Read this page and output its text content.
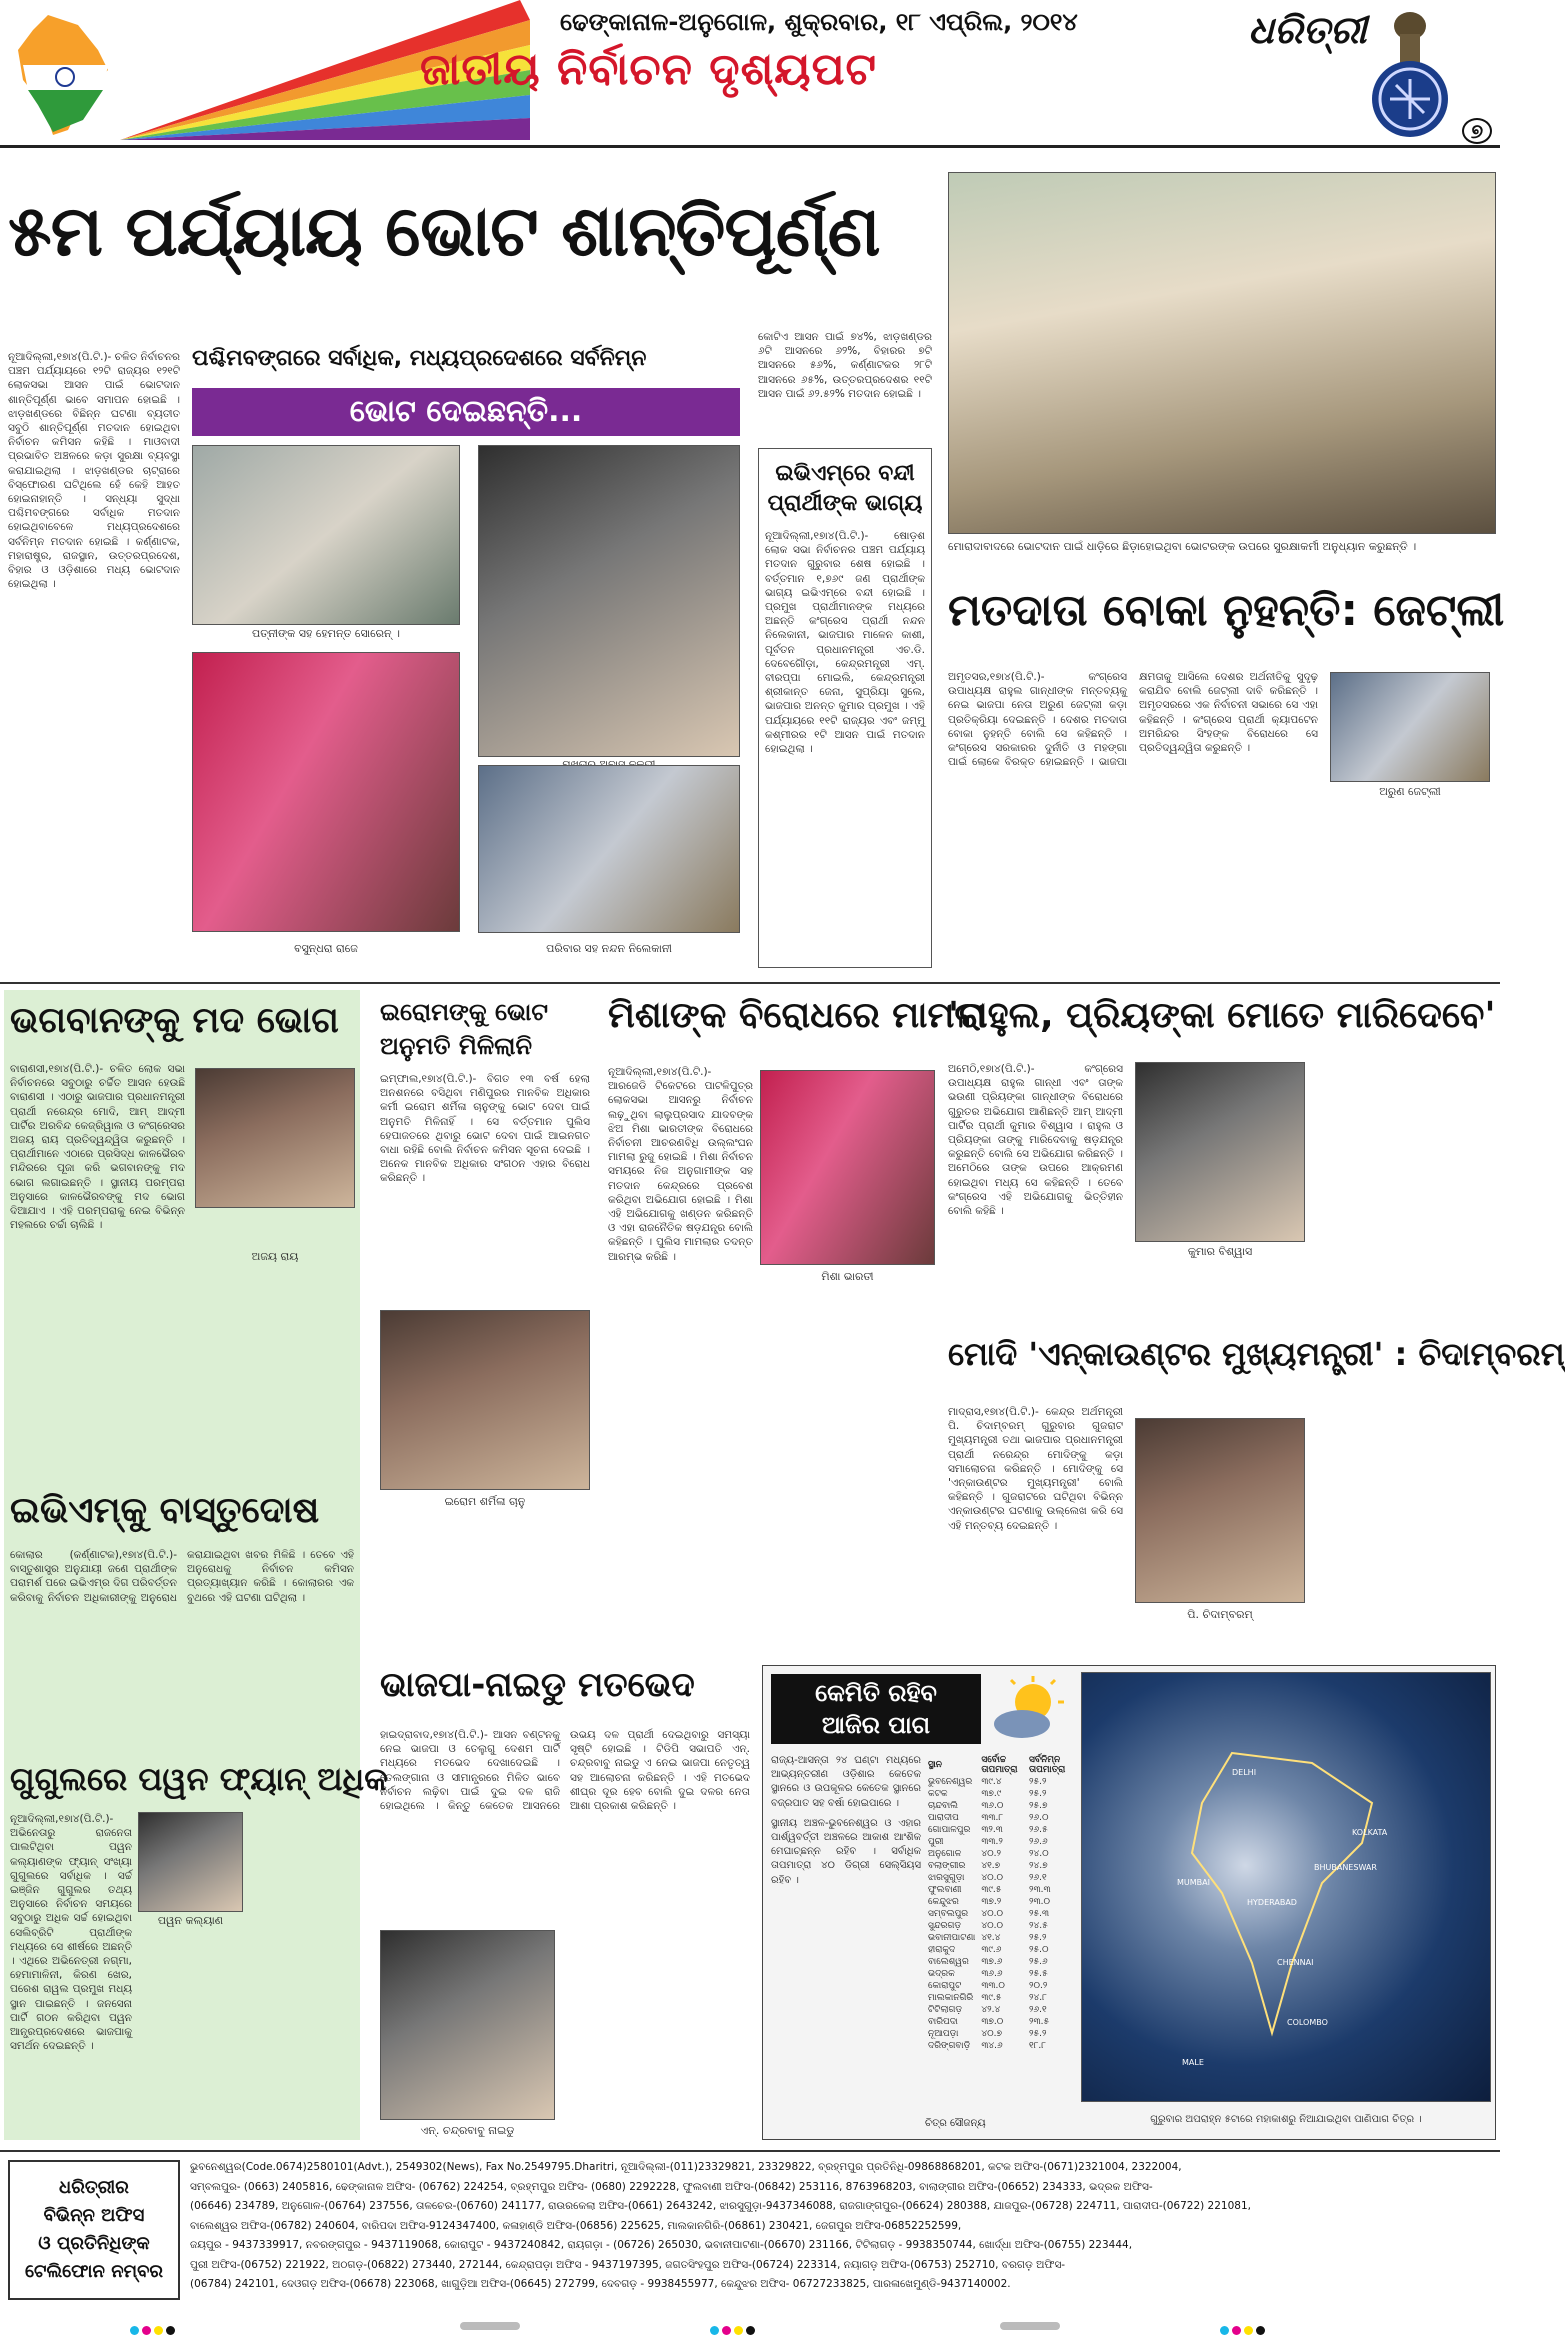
ଢେଙ୍କାନାଳ-ଅନୁଗୋଳ, ଶୁକ୍ରବାର, ୧୮ ଏପ୍ରିଲ, ୨୦୧୪
ଜାତୀୟ ନିର୍ବାଚନ ଦୃଶ୍ୟପଟ
ଧରିତ୍ରୀ
୭
୫ମ ପର୍ଯ୍ୟାୟ ଭୋଟ ଶାନ୍ତିପୂର୍ଣ୍ଣ
ନୂଆଦିଲ୍ଲୀ,୧୭ା୪(ପି.ଟି.)- ଚଳିତ ନିର୍ବାଚନର ପଞ୍ଚମ ପର୍ଯ୍ୟାୟରେ ୧୨ଟି ରାଜ୍ୟର ୧୨୧ଟି ଲୋକସଭା ଆସନ ପାଇଁ ଭୋଟଦାନ ଶାନ୍ତିପୂର୍ଣ୍ଣ ଭାବେ ସମାପନ ହୋଇଛି । ଝାଡ଼ଖଣ୍ଡରେ ବିଛିନ୍ନ ଘଟଣା ବ୍ୟତୀତ ସବୁଠି ଶାନ୍ତିପୂର୍ଣ୍ଣ ମତଦାନ ହୋଇଥିବା ନିର୍ବାଚନ କମିସନ କହିଛି । ମାଓବାଦୀ ପ୍ରଭାବିତ ଅଞ୍ଚଳରେ କଡ଼ା ସୁରକ୍ଷା ବ୍ୟବସ୍ଥା କରାଯାଇଥିଲା । ଝାଡ଼ଖଣ୍ଡର ଚାଟ୍ରାରେ ବିସ୍ଫୋରଣ ଘଟିଥିଲେ ହେଁ କେହି ଆହତ ହୋଇନାହାନ୍ତି । ସନ୍ଧ୍ୟା ସୁଦ୍ଧା ପଶ୍ଚିମବଙ୍ଗରେ ସର୍ବାଧିକ ମତଦାନ ହୋଇଥିବାବେଳେ ମଧ୍ୟପ୍ରଦେଶରେ ସର୍ବନିମ୍ନ ମତଦାନ ହୋଇଛି । କର୍ଣ୍ଣାଟକ, ମହାରାଷ୍ଟ୍ର, ରାଜସ୍ଥାନ, ଉତ୍ତରପ୍ରଦେଶ, ବିହାର ଓ ଓଡ଼ିଶାରେ ମଧ୍ୟ ଭୋଟଦାନ ହୋଇଥିଲା ।
ପଶ୍ଚିମବଙ୍ଗରେ ସର୍ବାଧିକ, ମଧ୍ୟପ୍ରଦେଶରେ ସର୍ବନିମ୍ନ
ଭୋଟ ଦେଇଛନ୍ତି...
କୋଟିଏ ଆସନ ପାଇଁ ୭୪%, ଝାଡ଼ଖଣ୍ଡର ୬ଟି ଆସନରେ ୬୨%, ବିହାରର ୭ଟି ଆସନରେ ୫୬%, କର୍ଣ୍ଣାଟକର ୨୮ଟି ଆସନରେ ୬୫%, ଉତ୍ତରପ୍ରଦେଶର ୧୧ଟି ଆସନ ପାଇଁ ୬୨.୫୨% ମତଦାନ ହୋଇଛି ।
ପତ୍ନୀଙ୍କ ସହ ହେମନ୍ତ ସୋରେନ୍ ।
ବସୁନ୍ଧରା ରାଜେ	ପରିବାର ସହ ନନ୍ଦନ ନିଲେକାନୀ
ଇଭିଏମ୍‌ରେ ବନ୍ଦୀ ପ୍ରାର୍ଥୀଙ୍କ ଭାଗ୍ୟ
ନୂଆଦିଲ୍ଲୀ,୧୭ା୪(ପି.ଟି.)- ଷୋଡ଼ଶ ଲୋକ ସଭା ନିର୍ବାଚନର ପଞ୍ଚମ ପର୍ଯ୍ୟାୟ ମତଦାନ ଗୁରୁବାର ଶେଷ ହୋଇଛି । ବର୍ତ୍ତମାନ ୧,୭୬୯ ଜଣ ପ୍ରାର୍ଥୀଙ୍କ ଭାଗ୍ୟ ଇଭିଏମ୍‌ରେ ବନ୍ଦୀ ହୋଇଛି । ପ୍ରମୁଖ ପ୍ରାର୍ଥୀମାନଙ୍କ ମଧ୍ୟରେ ଅଛନ୍ତି କଂଗ୍ରେସ ପ୍ରାର୍ଥୀ ନନ୍ଦନ ନିଲେକାନୀ, ଭାଜପାର ମାଳେନ କାଶୀ, ପୂର୍ବତନ ପ୍ରଧାନମନ୍ତ୍ରୀ ଏଚ.ଡି. ଦେବେଗୌଡ଼ା, କେନ୍ଦ୍ରମନ୍ତ୍ରୀ ଏମ୍. ବୀରପ୍ପା ମୋଇଲି, କେନ୍ଦ୍ରମନ୍ତ୍ରୀ ଶ୍ରୀକାନ୍ତ ଜେନା, ସୁପ୍ରିୟା ସୁଲେ, ଭାଜପାର ଅନନ୍ତ କୁମାର ପ୍ରମୁଖ । ଏହି ପର୍ଯ୍ୟାୟରେ ୧୧ଟି ରାଜ୍ୟର ଏବଂ ଜମ୍ମୁ କଶ୍ମୀରର ୧ଟି ଆସନ ପାଇଁ ମତଦାନ ହୋଇଥିଲା ।
ମୋରାଦାବାଦରେ ଭୋଟଦାନ ପାଇଁ ଧାଡ଼ିରେ ଛିଡ଼ାହୋଇଥିବା ଭୋଟରଙ୍କ ଉପରେ ସୁରକ୍ଷାକର୍ମୀ ଅନୁଧ୍ୟାନ କରୁଛନ୍ତି ।
ମତଦାତା ବୋକା ନୁହନ୍ତି: ଜେଟ୍‌ଲୀ
ଅମୃତସର,୧୭ା୪(ପି.ଟି.)- କଂଗ୍ରେସ ଉପାଧ୍ୟକ୍ଷ ରାହୁଲ ଗାନ୍ଧୀଙ୍କ ମନ୍ତବ୍ୟକୁ ନେଇ ଭାଜପା ନେତା ଅରୁଣ ଜେଟ୍‌ଲୀ କଡ଼ା ପ୍ରତିକ୍ରିୟା ଦେଇଛନ୍ତି । ଦେଶର ମତଦାତା ବୋକା ନୁହନ୍ତି ବୋଲି ସେ କହିଛନ୍ତି । କଂଗ୍ରେସ ସରକାରର ଦୁର୍ନୀତି ଓ ମହଙ୍ଗା ପାଇଁ ଲୋକେ ବିରକ୍ତ ହୋଇଛନ୍ତି । ଭାଜପା କ୍ଷମତାକୁ ଆସିଲେ ଦେଶର ଅର୍ଥନୀତିକୁ ସୁଦୃଢ଼ କରାଯିବ ବୋଲି ଜେଟ୍‌ଲୀ ଦାବି କରିଛନ୍ତି । ଅମୃତସରରେ ଏକ ନିର୍ବାଚନୀ ସଭାରେ ସେ ଏହା କହିଛନ୍ତି । କଂଗ୍ରେସ ପ୍ରାର୍ଥୀ କ୍ୟାପଟେନ ଅମରିନ୍ଦର ସିଂହଙ୍କ ବିରୋଧରେ ସେ ପ୍ରତିଦ୍ୱନ୍ଦ୍ୱିତା କରୁଛନ୍ତି ।
ଅରୁଣ ଜେଟ୍‌ଲୀ
ଭଗବାନଙ୍କୁ ମଦ ଭୋଗ
ବାରାଣସୀ,୧୭ା୪(ପି.ଟି.)- ଚଳିତ ଲୋକ ସଭା ନିର୍ବାଚନରେ ସବୁଠାରୁ ଚର୍ଚ୍ଚିତ ଆସନ ହେଉଛି ବାରାଣସୀ । ଏଠାରୁ ଭାଜପାର ପ୍ରଧାନମନ୍ତ୍ରୀ ପ୍ରାର୍ଥୀ ନରେନ୍ଦ୍ର ମୋଦି, ଆମ୍ ଆଦ୍ମୀ ପାର୍ଟିର ଅରବିନ୍ଦ କେଜ୍ରିୱାଲ ଓ କଂଗ୍ରେସର ଅଜୟ ରାୟ ପ୍ରତିଦ୍ୱନ୍ଦ୍ୱିତା କରୁଛନ୍ତି । ପ୍ରାର୍ଥୀମାନେ ଏଠାରେ ପ୍ରସିଦ୍ଧ କାଳଭୈରବ ମନ୍ଦିରରେ ପୂଜା କରି ଭଗବାନଙ୍କୁ ମଦ ଭୋଗ ଲଗାଇଛନ୍ତି । ସ୍ଥାନୀୟ ପରମ୍ପରା ଅନୁସାରେ କାଳଭୈରବଙ୍କୁ ମଦ ଭୋଗ ଦିଆଯାଏ । ଏହି ପରମ୍ପରାକୁ ନେଇ ବିଭିନ୍ନ ମହଲରେ ଚର୍ଚ୍ଚା ଚାଲିଛି ।
ଅଜୟ ରାୟ
ଇଭିଏମ୍‌କୁ ବାସ୍ତୁଦୋଷ
କୋଲାର (କର୍ଣ୍ଣାଟକ),୧୭ା୪(ପି.ଟି.)- ବାସ୍ତୁଶାସ୍ତ୍ର ଅନୁଯାୟୀ ଜଣେ ପ୍ରାର୍ଥୀଙ୍କ ପରାମର୍ଶ ପରେ ଇଭିଏମ୍‌ର ଦିଗ ପରିବର୍ତ୍ତନ କରିବାକୁ ନିର୍ବାଚନ ଅଧିକାରୀଙ୍କୁ ଅନୁରୋଧ କରାଯାଇଥିବା ଖବର ମିଳିଛି । ତେବେ ଏହି ଅନୁରୋଧକୁ ନିର୍ବାଚନ କମିସନ ପ୍ରତ୍ୟାଖ୍ୟାନ କରିଛି । କୋଲାରର ଏକ ବୁଥରେ ଏହି ଘଟଣା ଘଟିଥିଲା ।
ଗୁଗୁଲରେ ପୱନ ଫ୍ୟାନ୍ ଅଧିକ
ପୱନ କଲ୍ୟାଣ
ନୂଆଦିଲ୍ଲୀ,୧୭ା୪(ପି.ଟି.)- ଅଭିନେତାରୁ ରାଜନେତା ପାଲଟିଥିବା ପୱନ କଲ୍ୟାଣଙ୍କ ଫ୍ୟାନ୍ ସଂଖ୍ୟା ଗୁଗୁଲରେ ସର୍ବାଧିକ । ସର୍ଚ୍ଚ ଇଞ୍ଜିନ ଗୁଗୁଲର ତଥ୍ୟ ଅନୁସାରେ ନିର୍ବାଚନ ସମୟରେ ସବୁଠାରୁ ଅଧିକ ସର୍ଚ୍ଚ ହୋଇଥିବା ସେଲିବ୍ରିଟି ପ୍ରାର୍ଥୀଙ୍କ ମଧ୍ୟରେ ସେ ଶୀର୍ଷରେ ଅଛନ୍ତି । ଏଥିରେ ଅଭିନେତ୍ରୀ ନଗ୍ମା, ହେମାମାଳିନୀ, କିରଣ ଖେର, ପରେଶ ରାୱଲ ପ୍ରମୁଖ ମଧ୍ୟ ସ୍ଥାନ ପାଇଛନ୍ତି । ଜନସେନା ପାର୍ଟି ଗଠନ କରିଥିବା ପୱନ ଆନ୍ଧ୍ରପ୍ରଦେଶରେ ଭାଜପାକୁ ସମର୍ଥନ ଦେଇଛନ୍ତି ।
ଇରୋମଙ୍କୁ ଭୋଟ ଅନୁମତି ମିଳିଲାନି
ଇମ୍ଫାଲ,୧୭ା୪(ପି.ଟି.)- ବିଗତ ୧୩ ବର୍ଷ ହେଲା ଅନଶନରେ ବସିଥିବା ମଣିପୁରର ମାନବିକ ଅଧିକାର କର୍ମୀ ଇରୋମ ଶର୍ମିଳା ଚାନୁଙ୍କୁ ଭୋଟ ଦେବା ପାଇଁ ଅନୁମତି ମିଳିନାହିଁ । ସେ ବର୍ତ୍ତମାନ ପୁଲିସ ହେପାଜତରେ ଥିବାରୁ ଭୋଟ ଦେବା ପାଇଁ ଆଇନଗତ ବାଧା ରହିଛି ବୋଲି ନିର୍ବାଚନ କମିସନ ସୂଚନା ଦେଇଛି । ଅନେକ ମାନବିକ ଅଧିକାର ସଂଗଠନ ଏହାର ବିରୋଧ କରିଛନ୍ତି ।
ଇରୋମ ଶର୍ମିଳା ଚାନୁ
ମିଶାଙ୍କ ବିରୋଧରେ ମାମଲା
ନୂଆଦିଲ୍ଲୀ,୧୭ା୪(ପି.ଟି.)- ଆରଜେଡି ଟିକେଟରେ ପାଟଳିପୁତ୍ର ଲୋକସଭା ଆସନରୁ ନିର୍ବାଚନ ଲଢ଼ୁଥିବା ଲାଲୁପ୍ରସାଦ ଯାଦବଙ୍କ ଝିଅ ମିଶା ଭାରତୀଙ୍କ ବିରୋଧରେ ନିର୍ବାଚନୀ ଆଚରଣବିଧି ଉଲ୍ଲଂଘନ ମାମଲା ରୁଜୁ ହୋଇଛି । ମିଶା ନିର୍ବାଚନ ସମୟରେ ନିଜ ଅନୁଗାମୀଙ୍କ ସହ ମତଦାନ କେନ୍ଦ୍ରରେ ପ୍ରବେଶ କରିଥିବା ଅଭିଯୋଗ ହୋଇଛି । ମିଶା ଏହି ଅଭିଯୋଗକୁ ଖଣ୍ଡନ କରିଛନ୍ତି ଓ ଏହା ରାଜନୈତିକ ଷଡ଼ଯନ୍ତ୍ର ବୋଲି କହିଛନ୍ତି । ପୁଲିସ ମାମଲାର ତଦନ୍ତ ଆରମ୍ଭ କରିଛି ।
ମିଶା ଭାରତୀ
'ରାହୁଲ, ପ୍ରିୟଙ୍କା ମୋତେ ମାରିଦେବେ'
ଅମେଠି,୧୭ା୪(ପି.ଟି.)- କଂଗ୍ରେସ ଉପାଧ୍ୟକ୍ଷ ରାହୁଲ ଗାନ୍ଧୀ ଏବଂ ତାଙ୍କ ଭଉଣୀ ପ୍ରିୟଙ୍କା ଗାନ୍ଧୀଙ୍କ ବିରୋଧରେ ଗୁରୁତର ଅଭିଯୋଗ ଆଣିଛନ୍ତି ଆମ୍ ଆଦ୍ମୀ ପାର୍ଟିର ପ୍ରାର୍ଥୀ କୁମାର ବିଶ୍ୱାସ । ରାହୁଲ ଓ ପ୍ରିୟଙ୍କା ତାଙ୍କୁ ମାରିଦେବାକୁ ଷଡ଼ଯନ୍ତ୍ର କରୁଛନ୍ତି ବୋଲି ସେ ଅଭିଯୋଗ କରିଛନ୍ତି । ଅମେଠିରେ ତାଙ୍କ ଉପରେ ଆକ୍ରମଣ ହୋଇଥିବା ମଧ୍ୟ ସେ କହିଛନ୍ତି । ତେବେ କଂଗ୍ରେସ ଏହି ଅଭିଯୋଗକୁ ଭିତ୍ତିହୀନ ବୋଲି କହିଛି ।
କୁମାର ବିଶ୍ୱାସ
ମୋଦି 'ଏନ୍‌କାଉଣ୍ଟର ମୁଖ୍ୟମନ୍ତ୍ରୀ' : ଚିଦାମ୍ବରମ୍
ମାଦ୍ରାସ,୧୭ା୪(ପି.ଟି.)- କେନ୍ଦ୍ର ଅର୍ଥମନ୍ତ୍ରୀ ପି. ଚିଦାମ୍ବରମ୍ ଗୁରୁବାର ଗୁଜରାଟ ମୁଖ୍ୟମନ୍ତ୍ରୀ ତଥା ଭାଜପାର ପ୍ରଧାନମନ୍ତ୍ରୀ ପ୍ରାର୍ଥୀ ନରେନ୍ଦ୍ର ମୋଦିଙ୍କୁ କଡ଼ା ସମାଲୋଚନା କରିଛନ୍ତି । ମୋଦିଙ୍କୁ ସେ 'ଏନ୍‌କାଉଣ୍ଟର ମୁଖ୍ୟମନ୍ତ୍ରୀ' ବୋଲି କହିଛନ୍ତି । ଗୁଜରାଟରେ ଘଟିଥିବା ବିଭିନ୍ନ ଏନ୍‌କାଉଣ୍ଟର ଘଟଣାକୁ ଉଲ୍ଲେଖ କରି ସେ ଏହି ମନ୍ତବ୍ୟ ଦେଇଛନ୍ତି ।
ପି. ଚିଦାମ୍ବରମ୍
ଭାଜପା-ନାଇଡୁ ମତଭେଦ
ହାଇଦ୍ରାବାଦ,୧୭ା୪(ପି.ଟି.)- ଆସନ ବଣ୍ଟନକୁ ନେଇ ଭାଜପା ଓ ତେଲୁଗୁ ଦେଶମ ପାର୍ଟି ମଧ୍ୟରେ ମତଭେଦ ଦେଖାଦେଇଛି । ତେଲଙ୍ଗାନା ଓ ସୀମାନ୍ଧ୍ରରେ ମିଳିତ ଭାବେ ନିର୍ବାଚନ ଲଢ଼ିବା ପାଇଁ ଦୁଇ ଦଳ ରାଜି ହୋଇଥିଲେ । କିନ୍ତୁ କେତେକ ଆସନରେ ଉଭୟ ଦଳ ପ୍ରାର୍ଥୀ ଦେଇଥିବାରୁ ସମସ୍ୟା ସୃଷ୍ଟି ହୋଇଛି । ଟିଡିପି ସଭାପତି ଏନ୍. ଚନ୍ଦ୍ରବାବୁ ନାଇଡୁ ଏ ନେଇ ଭାଜପା ନେତୃତ୍ୱ ସହ ଆଲୋଚନା କରିଛନ୍ତି । ଏହି ମତଭେଦ ଶୀଘ୍ର ଦୂର ହେବ ବୋଲି ଦୁଇ ଦଳର ନେତା ଆଶା ପ୍ରକାଶ କରିଛନ୍ତି ।
ଏନ୍. ଚନ୍ଦ୍ରବାବୁ ନାଇଡୁ
କେମିତି ରହିବ
ଆଜିର ପାଗ
ରାଜ୍ୟ-ଆସନ୍ତା ୨୪ ଘଣ୍ଟା ମଧ୍ୟରେ ଆଭ୍ୟନ୍ତରୀଣ ଓଡ଼ିଶାର କେତେକ ସ୍ଥାନରେ ଓ ଉପକୂଳର କେତେକ ସ୍ଥାନରେ ବଜ୍ରପାତ ସହ ବର୍ଷା ହୋଇପାରେ ।
ସ୍ଥାନୀୟ ଅଞ୍ଚଳ-ଭୁବନେଶ୍ୱର ଓ ଏହାର ପାର୍ଶ୍ୱବର୍ତ୍ତୀ ଅଞ୍ଚଳରେ ଆକାଶ ଆଂଶିକ ମେଘାଚ୍ଛନ୍ନ ରହିବ । ସର୍ବାଧିକ ତାପମାତ୍ରା ୪୦ ଡିଗ୍ରୀ ସେଲ୍‌ସିୟସ ରହିବ ।
ସ୍ଥାନ	ସର୍ବୋଚ୍ଚ ତାପମାତ୍ରା	ସର୍ବନିମ୍ନ ତାପମାତ୍ରା
ଭୁବନେଶ୍ୱର	୩୯.୪	୨୫.୨
କଟକ	୩୭.୯	୨୫.୨
ଚାନ୍ଦବାଲି	୩୬.୦	୨୫.୭
ପାରାଦୀପ	୩୩.୮	୨୬.୦
ଗୋପାଳପୁର	୩୨.୩	୨୬.୫
ପୁରୀ	୩୩.୨	୨୬.୬
ଅନୁଗୋଳ	୪୦.୨	୨୪.୦
ବଲାଙ୍ଗୀର	୪୧.୭	୨୪.୭
ଝାରସୁଗୁଡ଼ା	୪୦.୦	୨୬.୧
ଫୁଲବାଣୀ	୩୯.୫	୨୩.୩
କେନ୍ଦୁଝର	୩୭.୨	୨୩.୦
ସମ୍ବଲପୁର	୪୦.୦	୨୫.୩
ସୁନ୍ଦରଗଡ଼	୪୦.୦	୨୪.୫
ଭବାନୀପାଟଣା	୪୧.୪	୨୫.୨
ହୀରାକୁଦ	୩୯.୬	୨୫.୦
ବାଲେଶ୍ୱର	୩୭.୬	୨୫.୬
ଭଦ୍ରକ	୩୬.୬	୨୫.୫
କୋରାପୁଟ	୩୩.୦	୨୦.୨
ମାଲକାନଗିରି	୩୯.୫	୨୪.୮
ଟିଟିଲାଗଡ଼	୪୨.୪	୨୬.୧
ବାରିପଦା	୩୭.୦	୨୩.୫
ନୂଆପଡ଼ା	୪୦.୭	୨୫.୨
ଦରିଙ୍ଗବାଡ଼ି	୩୪.୬	୧୮.୮
ଚିତ୍ର ସୌଜନ୍ୟ
DELHI
KOLKATA
BHUBANESWAR
MUMBAI
HYDERABAD
CHENNAI
COLOMBO
MALE
ଗୁରୁବାର ଅପରାହ୍ନ ୫ଟାରେ ମହାକାଶରୁ ନିଆଯାଇଥିବା ପାଣିପାଗ ଚିତ୍ର ।
ଧରିତ୍ରୀର
ବିଭିନ୍ନ ଅଫିସ
ଓ ପ୍ରତିନିଧିଙ୍କ
ଟେଲିଫୋନ ନମ୍ବର
ଭୁବନେଶ୍ୱର(Code.0674)2580101(Advt.), 2549302(News), Fax No.2549795.Dharitri, ନୂଆଦିଲ୍ଲୀ-(011)23329821, 23329822, ବ୍ରହ୍ମପୁର ପ୍ରତିନିଧି-09868868201, କଟକ ଅଫିସ-(0671)2321004, 2322004,
ସମ୍ବଲପୁର- (0663) 2405816, ଢେଙ୍କାନାଳ ଅଫିସ- (06762) 224254, ବ୍ରହ୍ମପୁର ଅଫିସ- (0680) 2292228, ଫୁଲବାଣୀ ଅଫିସ-(06842) 253116, 8763968203, ବାଲାଙ୍ଗୀର ଅଫିସ-(06652) 234333, ଭଦ୍ରକ ଅଫିସ-
(06646) 234789, ଅନୁଗୋଳ-(06764) 237556, ତାଳଚେର-(06760) 241177, ରାଉରକେଲା ଅଫିସ-(0661) 2643242, ଝାରସୁଗୁଡ଼ା-9437346088, ରାଜଗାଙ୍ଗପୁର-(06624) 280388, ଯାଜପୁର-(06728) 224711, ପାରାଦୀପ-(06722) 221081,
ବାଲେଶ୍ୱର ଅଫିସ-(06782) 240604, ବାରିପଦା ଅଫିସ-9124347400, କଳାହାଣ୍ଡି ଅଫିସ-(06856) 225625, ମାଲକାନଗିରି-(06861) 230421, ଜେଗପୁର ଅଫିସ-06852252599,
ଜୟପୁର - 9437339917, ନବରଙ୍ଗପୁର - 9437119068, କୋରାପୁଟ - 9437240842, ରାୟଗଡ଼ା - (06726) 265030, ଭବାନୀପାଟଣା-(06670) 231166, ଟିଟିଲାଗଡ଼ - 9938350744, ଖୋର୍ଦ୍ଧା ଅଫିସ-(06755) 223444,
ପୁରୀ ଅଫିସ-(06752) 221922, ଅଠଗଡ଼-(06822) 273440, 272144, କେନ୍ଦ୍ରାପଡ଼ା ଅଫିସ - 9437197395, ଜଗତସିଂହପୁର ଅଫିସ-(06724) 223314, ନୟାଗଡ଼ ଅଫିସ-(06753) 252710, ବରଗଡ଼ ଅଫିସ-
(06784) 242101, ଦେଓଗଡ଼ ଅଫିସ-(06678) 223068, ଖାଗୁଡ଼ିଆ ଅଫିସ-(06645) 272799, ଦେବଗଡ଼ - 9938455977, କେନ୍ଦୁଝର ଅଫିସ- 06727233825, ପାରଳାଖେମୁଣ୍ଡି-9437140002.
